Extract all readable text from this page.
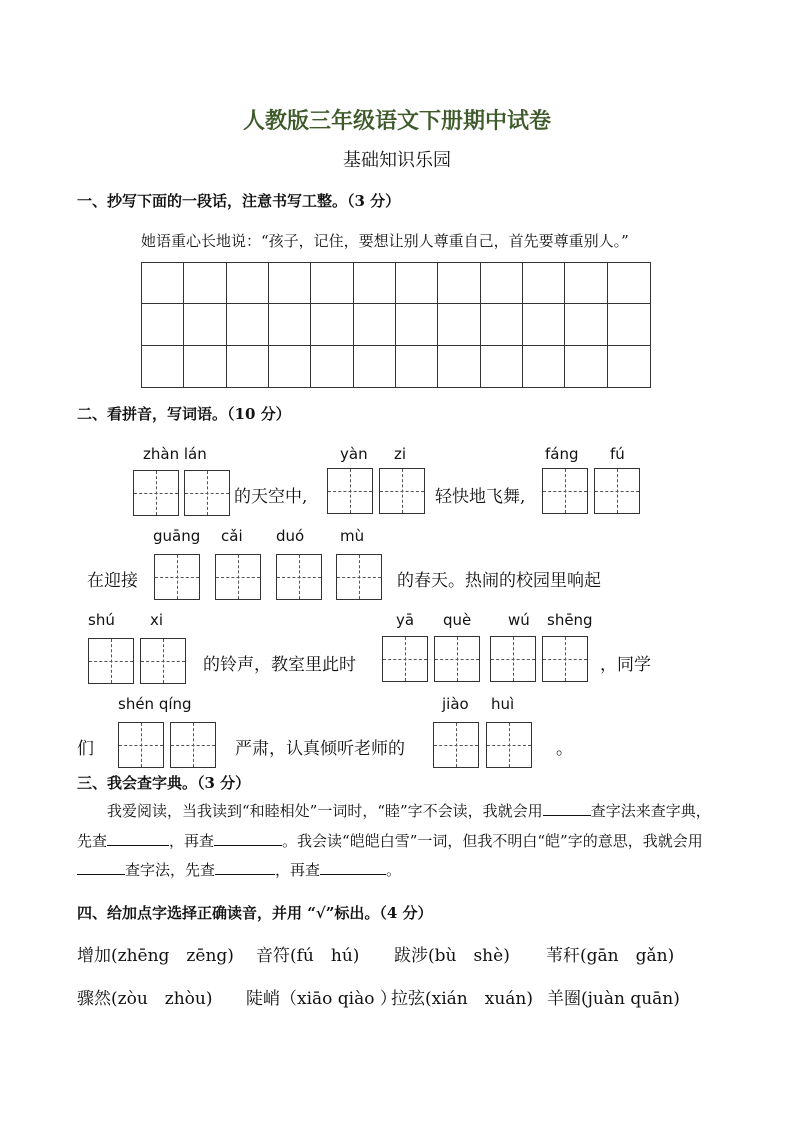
人教版三年级语文下册期中试卷
基础知识乐园
一、抄写下面的一段话，注意书写工整。（3 分）
她语重心长地说：“孩子，记住，要想让别人尊重自己，首先要尊重别人。”
二、看拼音，写词语。（10 分）
zhàn lán	yàn zi	fáng fú
的天空中,	轻快地飞舞,
guāng cǎi duó mù
在迎接	的春天。热闹的校园里响起
shú xi	yā què wú shēng
的铃声，教室里此时	，同学
shén qíng	jiào huì
们	严肃，认真倾听老师的	。
三、我会查字典。（3 分）
我爱阅读，当我读到“和睦相处”一词时，“睦”字不会读，我就会用	查字法来查字典，先查	，再查	。我会读“皑皑白雪”一词，但我不明白“皑”字的意思，我就会用查字法，先查	，再查	。
四、给加点字选择正确读音，并用 “√”标出。（4 分）
增加(zhēng　zēng) 音符(fú　hú) 跋涉(bù　shè) 苇秆(gān　gǎn)
骤然(zòu　zhòu) 陡峭（xiāo qiào ）
拉弦(xián　xuán) 羊圈(juàn quān)
